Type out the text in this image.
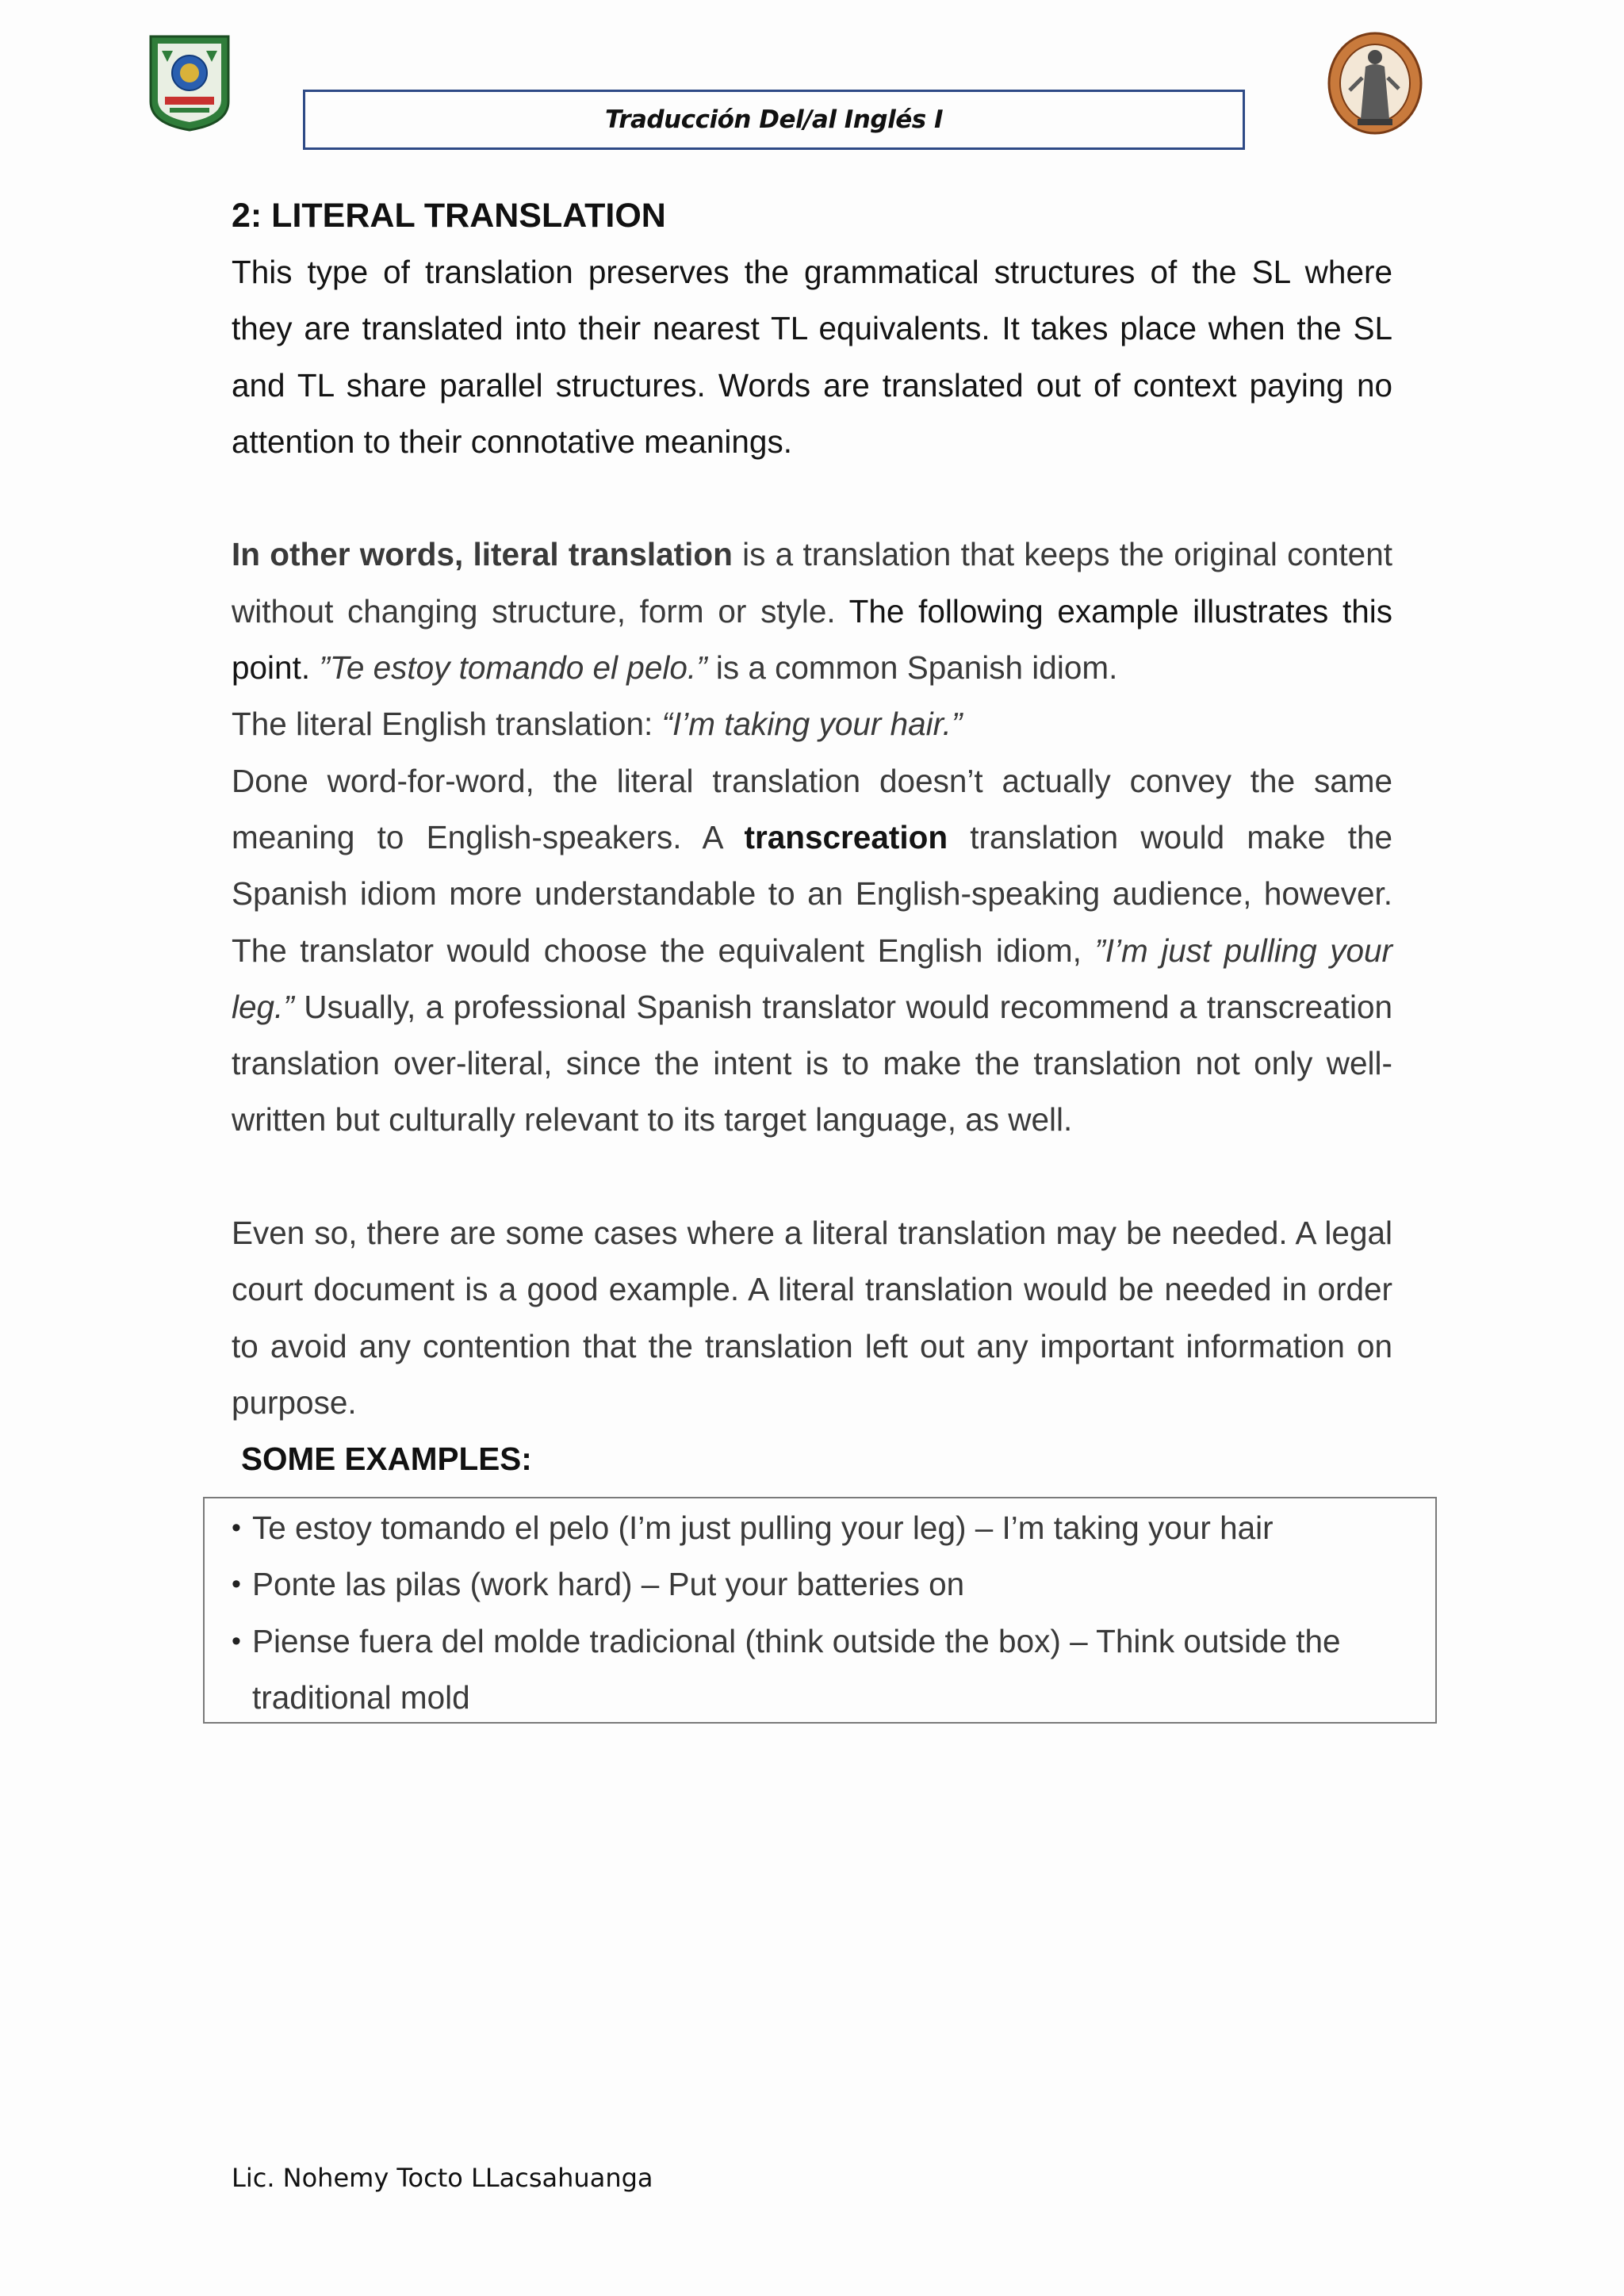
Traducción Del/al Inglés I
2: LITERAL TRANSLATION

This type of translation preserves the grammatical structures of the SL where they are translated into their nearest TL equivalents. It takes place when the SL and TL share parallel structures. Words are translated out of context paying no attention to their connotative meanings.

In other words, literal translation is a translation that keeps the original content without changing structure, form or style. The following example illustrates this point. ”Te estoy tomando el pelo.” is a common Spanish idiom.

The literal English translation: “I’m taking your hair.”

Done word-for-word, the literal translation doesn’t actually convey the same meaning to English-speakers. A transcreation translation would make the Spanish idiom more understandable to an English-speaking audience, however. The translator would choose the equivalent English idiom, ”I’m just pulling your leg.” Usually, a professional Spanish translator would recommend a transcreation translation over-literal, since the intent is to make the translation not only well-written but culturally relevant to its target language, as well.

Even so, there are some cases where a literal translation may be needed. A legal court document is a good example. A literal translation would be needed in order to avoid any contention that the translation left out any important information on purpose.

SOME EXAMPLES:
• Te estoy tomando el pelo (I’m just pulling your leg) – I’m taking your hair
• Ponte las pilas (work hard) – Put your batteries on
• Piense fuera del molde tradicional (think outside the box) – Think outside the traditional mold
Lic. Nohemy Tocto LLacsahuanga
